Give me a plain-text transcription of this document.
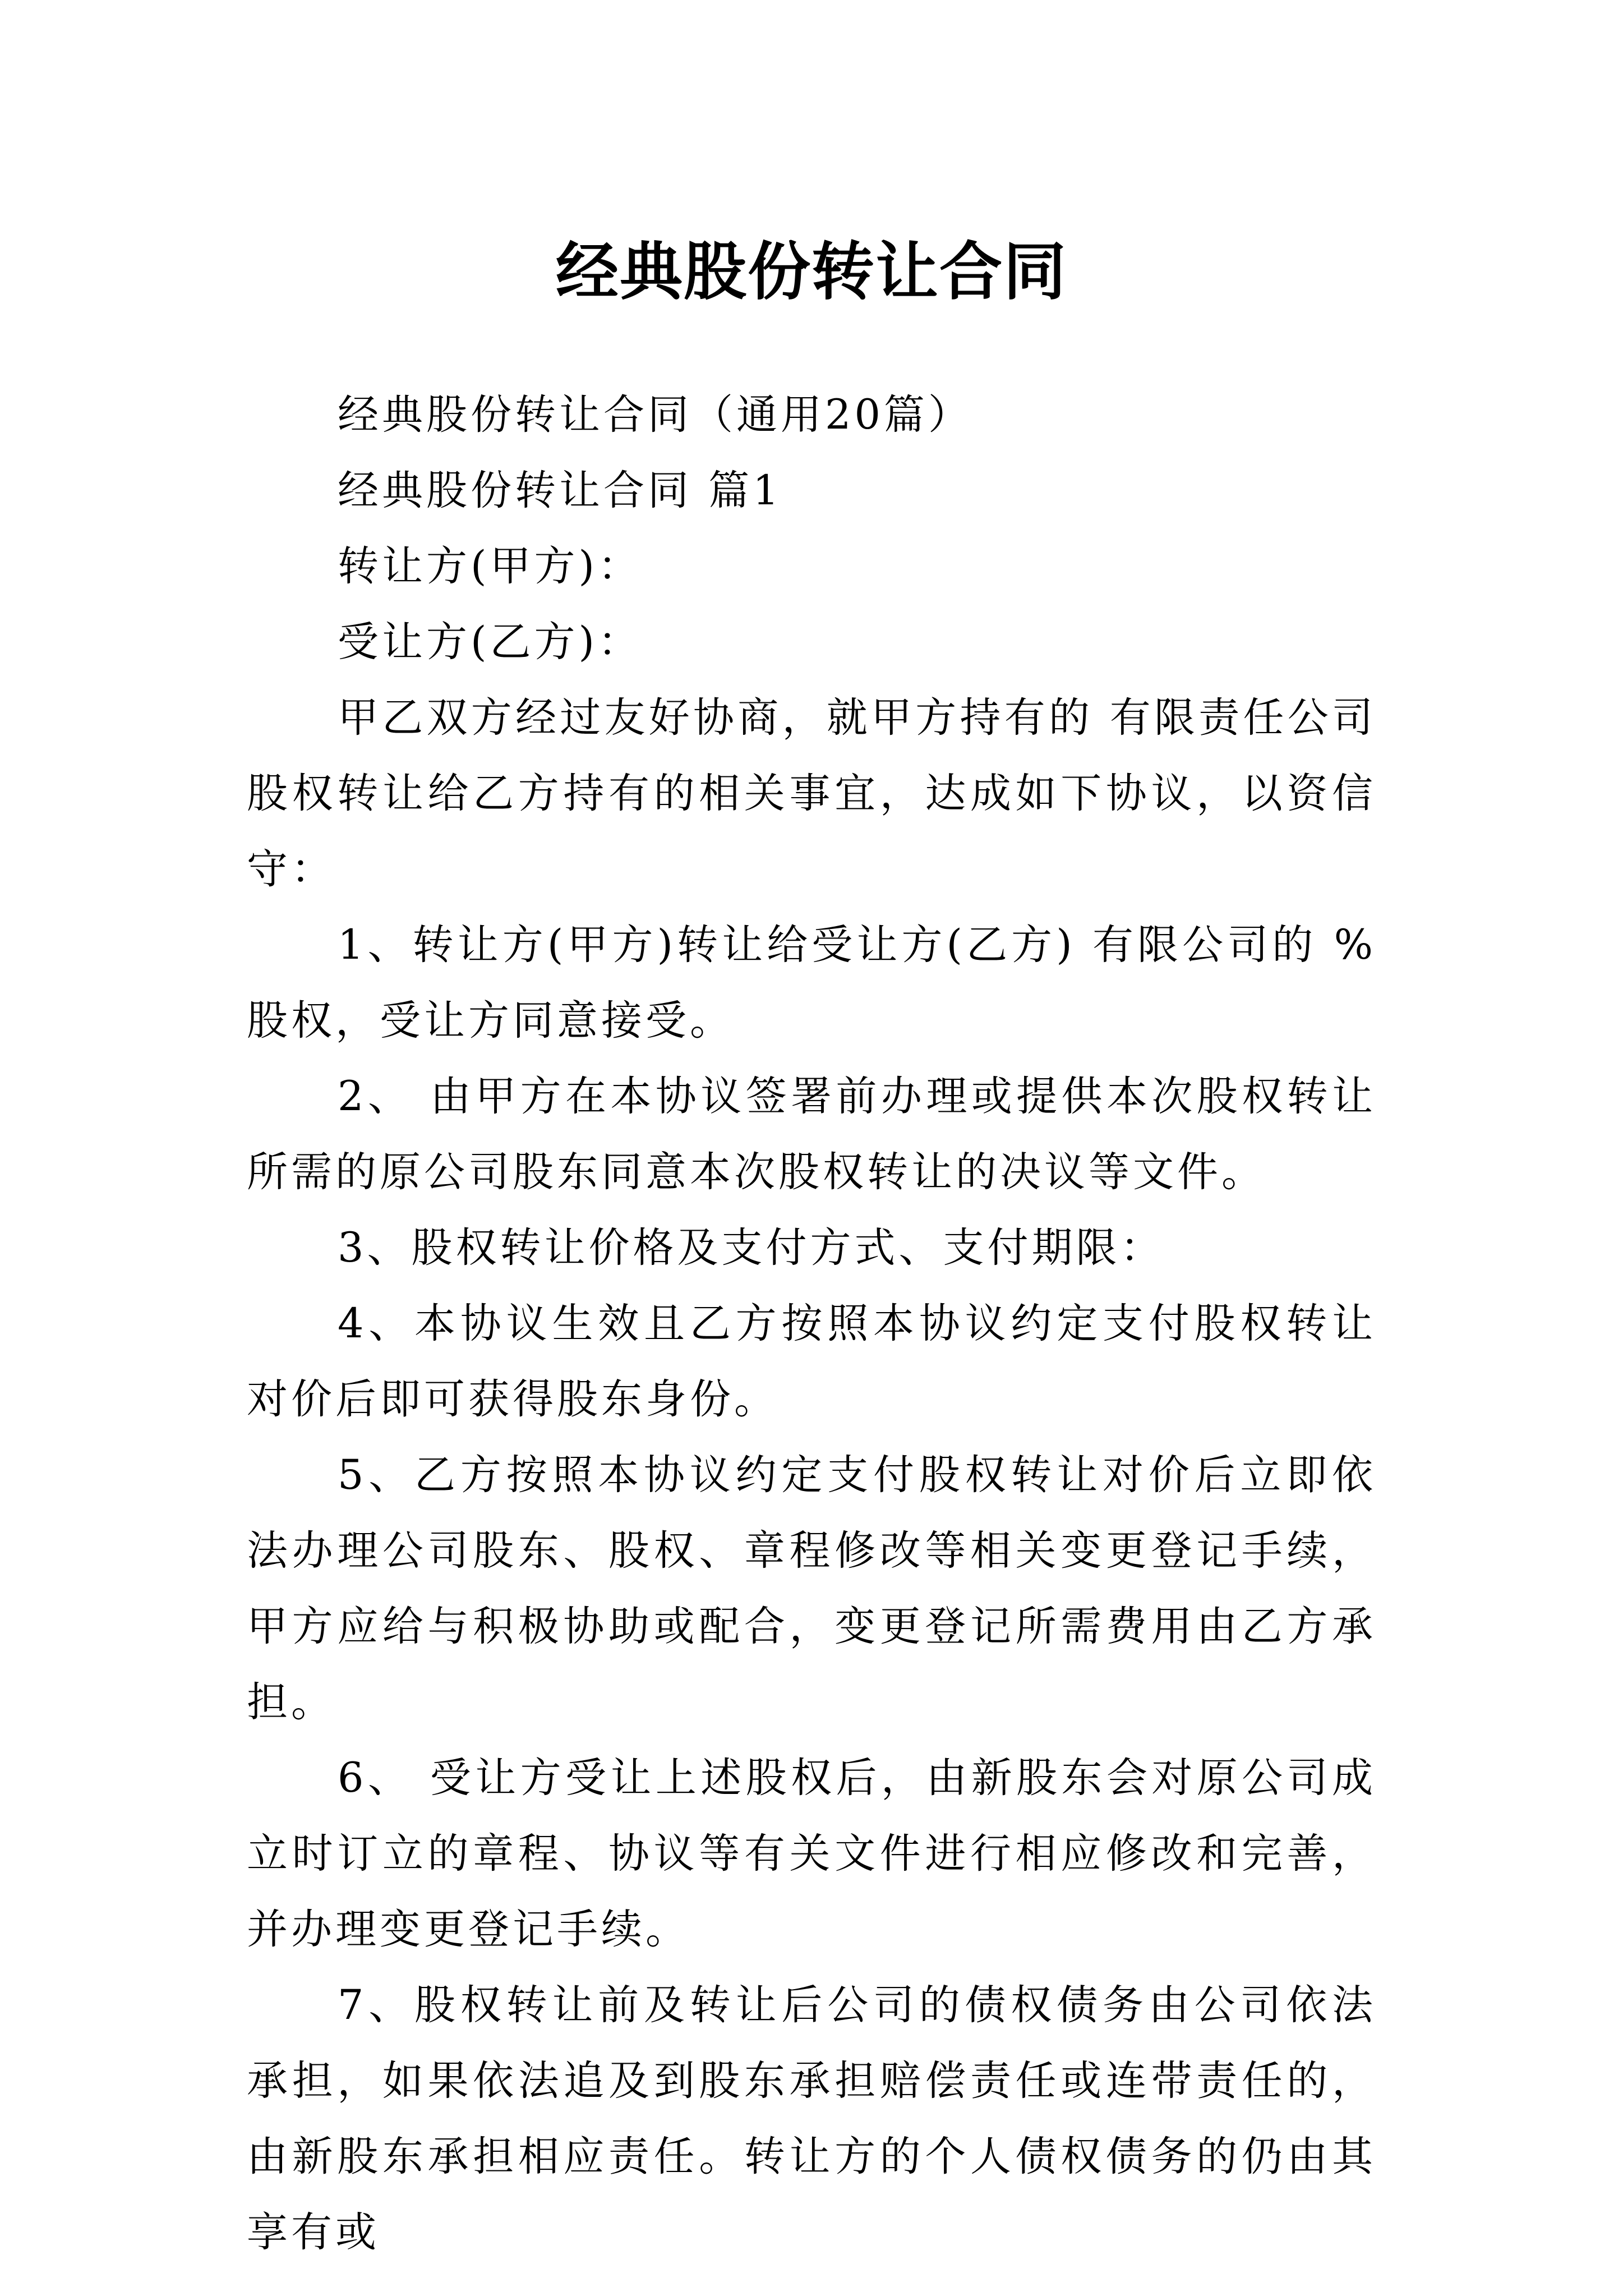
经典股份转让合同

经典股份转让合同（通用20篇）

经典股份转让合同 篇1

转让方(甲方)：

受让方(乙方)：

甲乙双方经过友好协商，就甲方持有的 有限责任公司股权转让给乙方持有的相关事宜，达成如下协议，以资信守：

1、转让方(甲方)转让给受让方(乙方) 有限公司的 %股权，受让方同意接受。

2、 由甲方在本协议签署前办理或提供本次股权转让所需的原公司股东同意本次股权转让的决议等文件。

3、股权转让价格及支付方式、支付期限：

4、本协议生效且乙方按照本协议约定支付股权转让对价后即可获得股东身份。

5、乙方按照本协议约定支付股权转让对价后立即依法办理公司股东、股权、章程修改等相关变更登记手续，甲方应给与积极协助或配合，变更登记所需费用由乙方承担。

6、 受让方受让上述股权后，由新股东会对原公司成立时订立的章程、协议等有关文件进行相应修改和完善，并办理变更登记手续。

7、股权转让前及转让后公司的债权债务由公司依法承担，如果依法追及到股东承担赔偿责任或连带责任的，由新股东承担相应责任。转让方的个人债权债务的仍由其享有或
